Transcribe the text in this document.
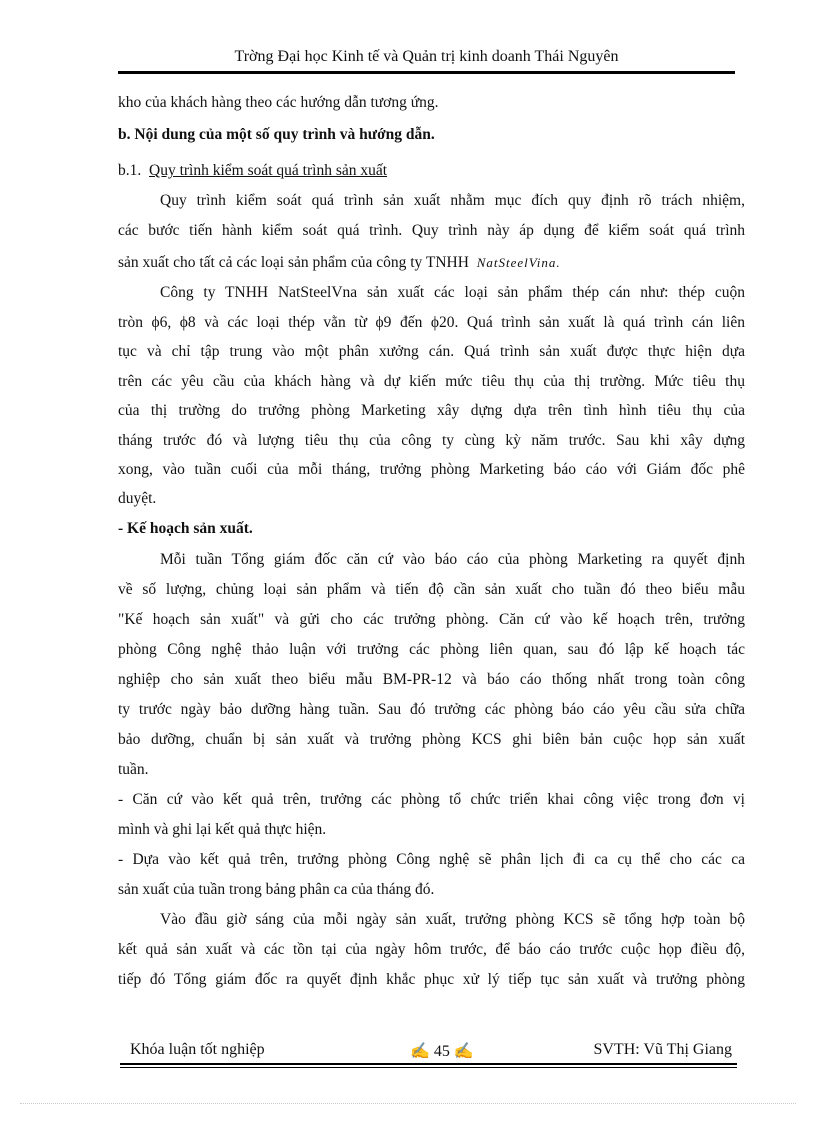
Trờng Đại học Kinh tế và Quản trị kinh doanh Thái Nguyên
kho của khách hàng theo các hướng dẫn tương ứng.
b. Nội dung của một số quy trình và hướng dẫn.
b.1. Quy trình kiểm soát quá trình sản xuất
Quy trình kiểm soát quá trình sản xuất nhằm mục đích quy định rõ trách nhiệm,
các bước tiến hành kiểm soát quá trình. Quy trình này áp dụng để kiểm soát quá trình
sản xuất cho tất cả các loại sản phẩm của công ty TNHH NatSteelVina.
Công ty TNHH NatSteelVna sản xuất các loại sản phẩm thép cán như: thép cuộn
tròn ϕ6, ϕ8 và các loại thép vằn từ ϕ9 đến ϕ20. Quá trình sản xuất là quá trình cán liên
tục và chỉ tập trung vào một phân xưởng cán. Quá trình sản xuất được thực hiện dựa
trên các yêu cầu của khách hàng và dự kiến mức tiêu thụ của thị trường. Mức tiêu thụ
của thị trường do trưởng phòng Marketing xây dựng dựa trên tình hình tiêu thụ của
tháng trước đó và lượng tiêu thụ của công ty cùng kỳ năm trước. Sau khi xây dựng
xong, vào tuần cuối của mỗi tháng, trưởng phòng Marketing báo cáo với Giám đốc phê
duyệt.
- Kế hoạch sản xuất.
Mỗi tuần Tổng giám đốc căn cứ vào báo cáo của phòng Marketing ra quyết định
về số lượng, chủng loại sản phẩm và tiến độ cần sản xuất cho tuần đó theo biểu mẫu
"Kế hoạch sản xuất" và gửi cho các trưởng phòng. Căn cứ vào kế hoạch trên, trưởng
phòng Công nghệ thảo luận với trưởng các phòng liên quan, sau đó lập kế hoạch tác
nghiệp cho sản xuất theo biểu mẫu BM-PR-12 và báo cáo thống nhất trong toàn công
ty trước ngày bảo dưỡng hàng tuần. Sau đó trưởng các phòng báo cáo yêu cầu sửa chữa
bảo dưỡng, chuẩn bị sản xuất và trưởng phòng KCS ghi biên bản cuộc họp sản xuất
tuần.
- Căn cứ vào kết quả trên, trưởng các phòng tổ chức triển khai công việc trong đơn vị
mình và ghi lại kết quả thực hiện.
- Dựa vào kết quả trên, trưởng phòng Công nghệ sẽ phân lịch đi ca cụ thể cho các ca
sản xuất của tuần trong bảng phân ca của tháng đó.
Vào đầu giờ sáng của mỗi ngày sản xuất, trưởng phòng KCS sẽ tổng hợp toàn bộ
kết quả sản xuất và các tồn tại của ngày hôm trước, để báo cáo trước cuộc họp điều độ,
tiếp đó Tổng giám đốc ra quyết định khắc phục xử lý tiếp tục sản xuất và trưởng phòng
Khóa luận tốt nghiệp	✍ 45 ✍	SVTH: Vũ Thị Giang
